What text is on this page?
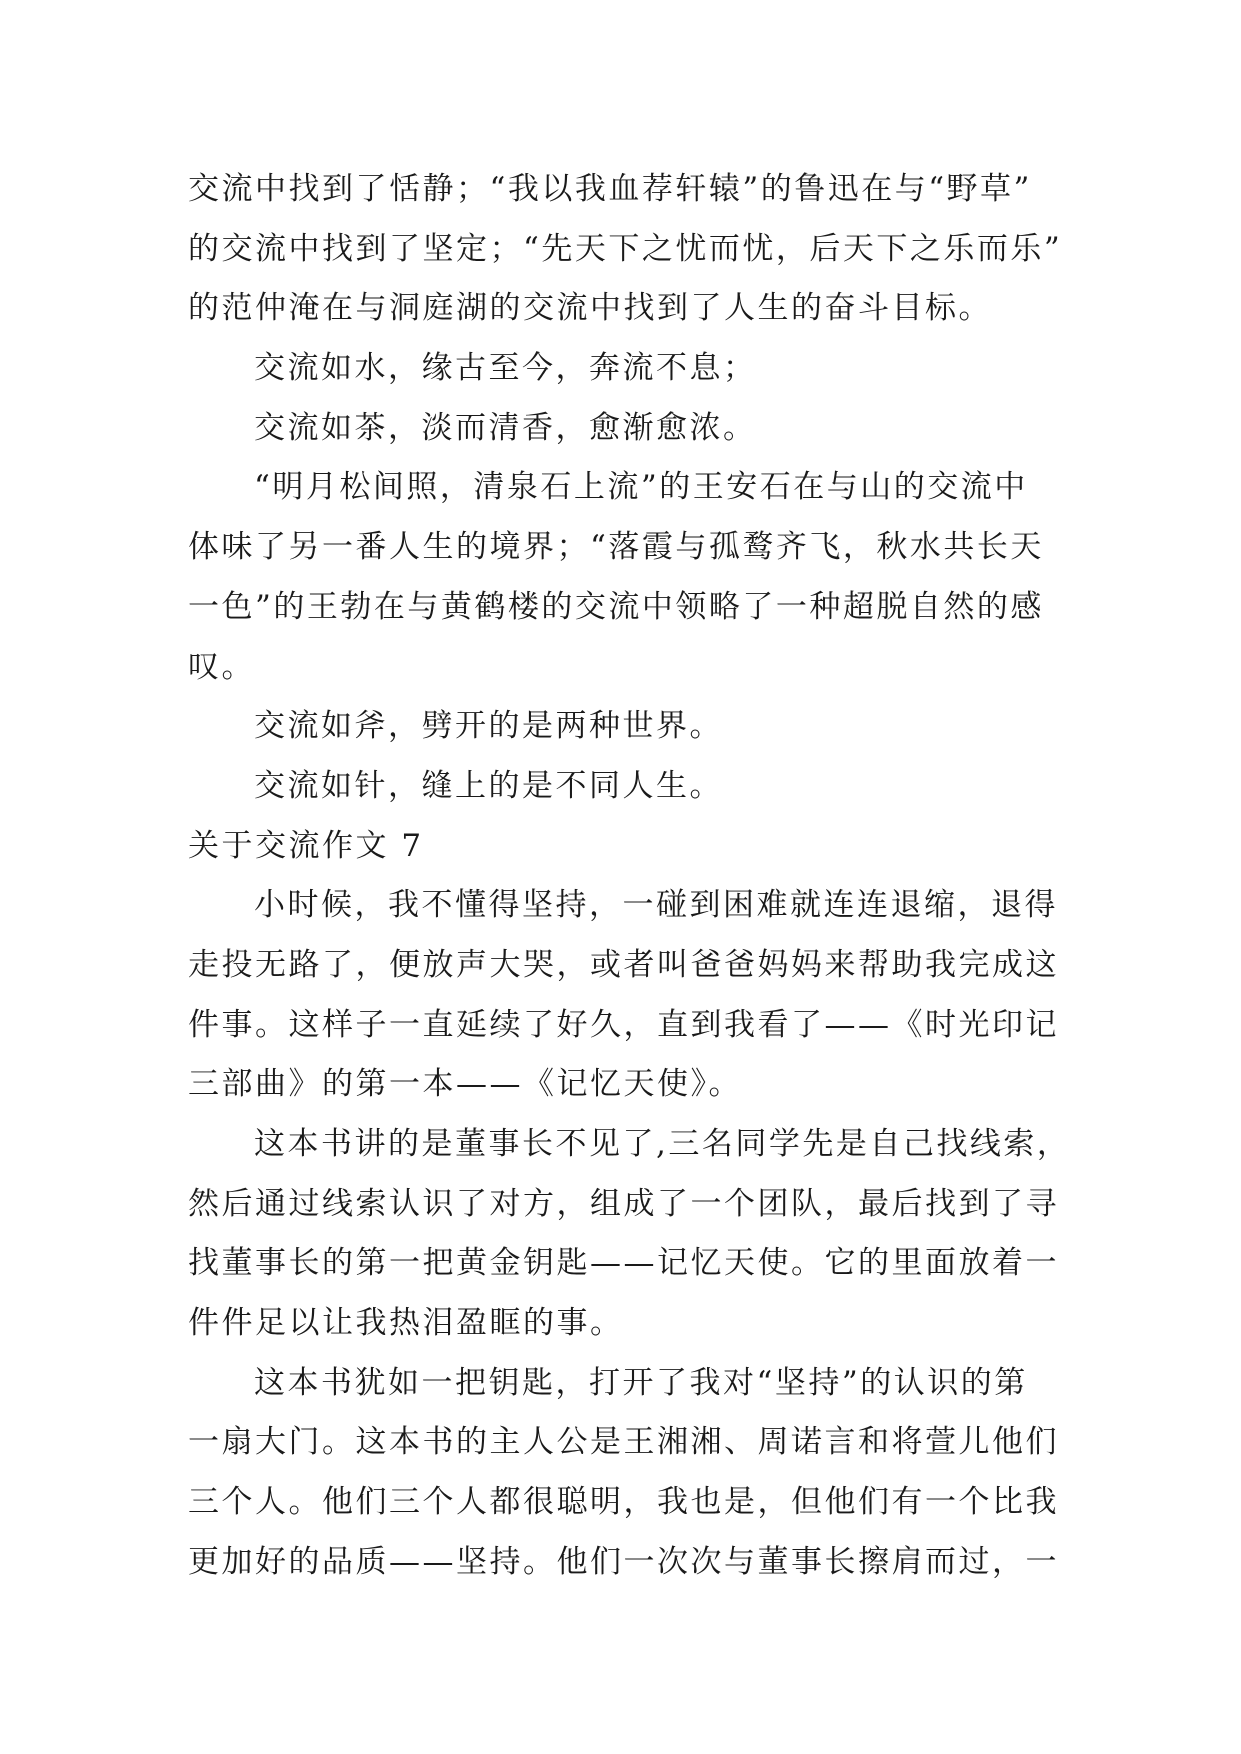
交流中找到了恬静；“我以我血荐轩辕”的鲁迅在与“野草”
的交流中找到了坚定；“先天下之忧而忧，后天下之乐而乐”
的范仲淹在与洞庭湖的交流中找到了人生的奋斗目标。
交流如水，缘古至今，奔流不息；
交流如茶，淡而清香，愈渐愈浓。
“明月松间照，清泉石上流”的王安石在与山的交流中
体味了另一番人生的境界；“落霞与孤鹜齐飞，秋水共长天
一色”的王勃在与黄鹤楼的交流中领略了一种超脱自然的感
叹。
交流如斧，劈开的是两种世界。
交流如针，缝上的是不同人生。
关于交流作文 7
小时候，我不懂得坚持，一碰到困难就连连退缩，退得
走投无路了，便放声大哭，或者叫爸爸妈妈来帮助我完成这
件事。这样子一直延续了好久，直到我看了——《时光印记
三部曲》的第一本——《记忆天使》。
这本书讲的是董事长不见了,三名同学先是自己找线索，
然后通过线索认识了对方，组成了一个团队，最后找到了寻
找董事长的第一把黄金钥匙——记忆天使。它的里面放着一
件件足以让我热泪盈眶的事。
这本书犹如一把钥匙，打开了我对“坚持”的认识的第
一扇大门。这本书的主人公是王湘湘、周诺言和将萱儿他们
三个人。他们三个人都很聪明，我也是，但他们有一个比我
更加好的品质——坚持。他们一次次与董事长擦肩而过，一
